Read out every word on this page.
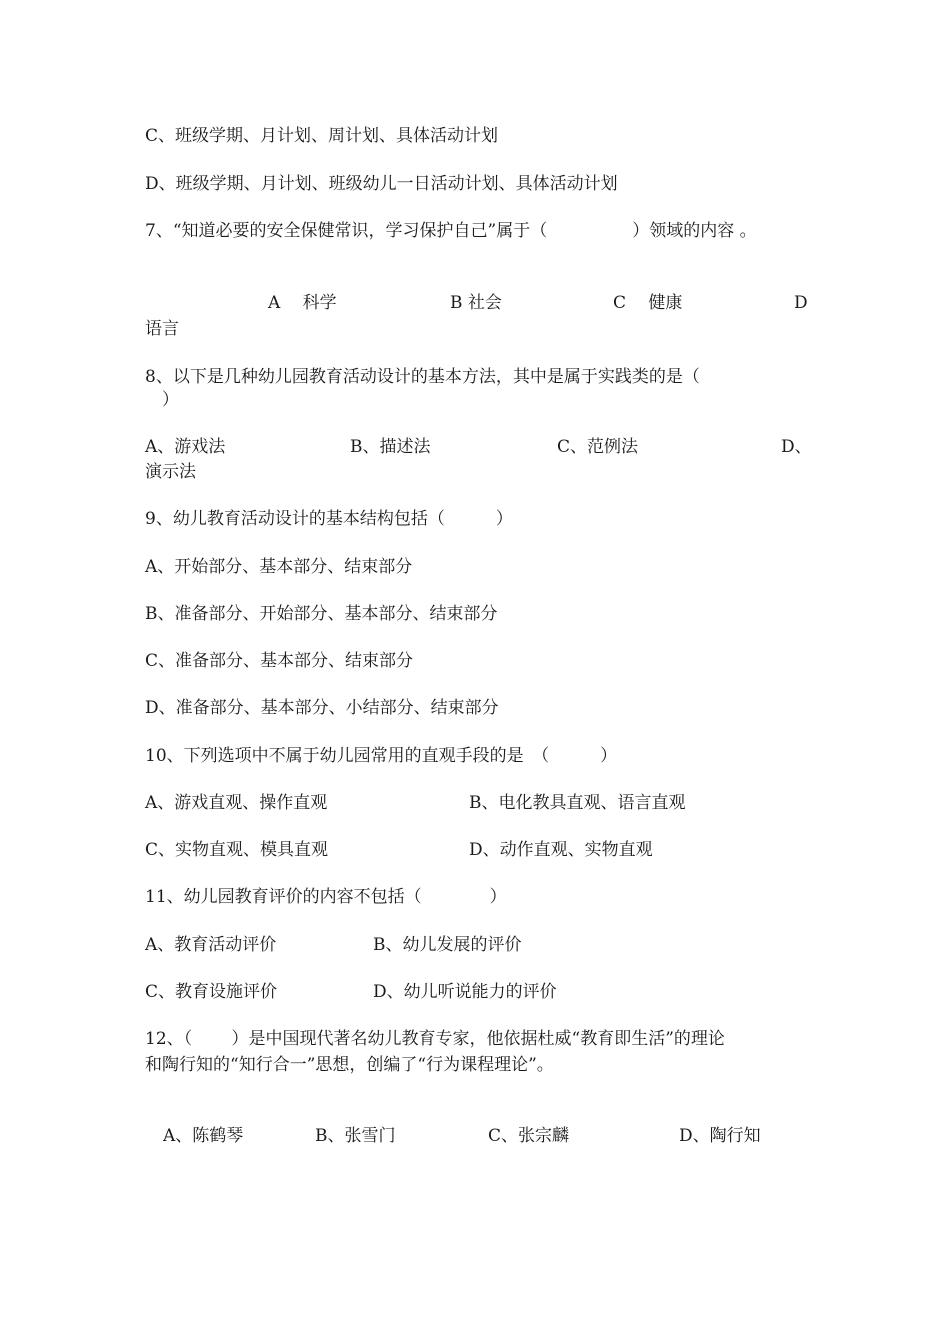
C、班级学期、月计划、周计划、具体活动计划
D、班级学期、月计划、班级幼儿一日活动计划、具体活动计划
7、“知道必要的安全保健常识，学习保护自己”属于（　　　　　）领域的内容 。
A　 科学	B 社会	C　 健康	D
语言
8、以下是几种幼儿园教育活动设计的基本方法，其中是属于实践类的是（
　）
A、游戏法	B、描述法	C、范例法	D、
演示法
9、幼儿教育活动设计的基本结构包括（　　　）
A、开始部分、基本部分、结束部分
B、准备部分、开始部分、基本部分、结束部分
C、准备部分、基本部分、结束部分
D、准备部分、基本部分、小结部分、结束部分
10、下列选项中不属于幼儿园常用的直观手段的是　（　　　）
A、游戏直观、操作直观	B、电化教具直观、语言直观
C、实物直观、模具直观	D、动作直观、实物直观
11、幼儿园教育评价的内容不包括（　　　　）
A、教育活动评价	B、幼儿发展的评价
C、教育设施评价	D、幼儿听说能力的评价
12、（　　 ）是中国现代著名幼儿教育专家，他依据杜威“教育即生活”的理论
和陶行知的“知行合一”思想，创编了“行为课程理论”。
A、陈鹤琴	B、张雪门	C、张宗麟	D、陶行知
